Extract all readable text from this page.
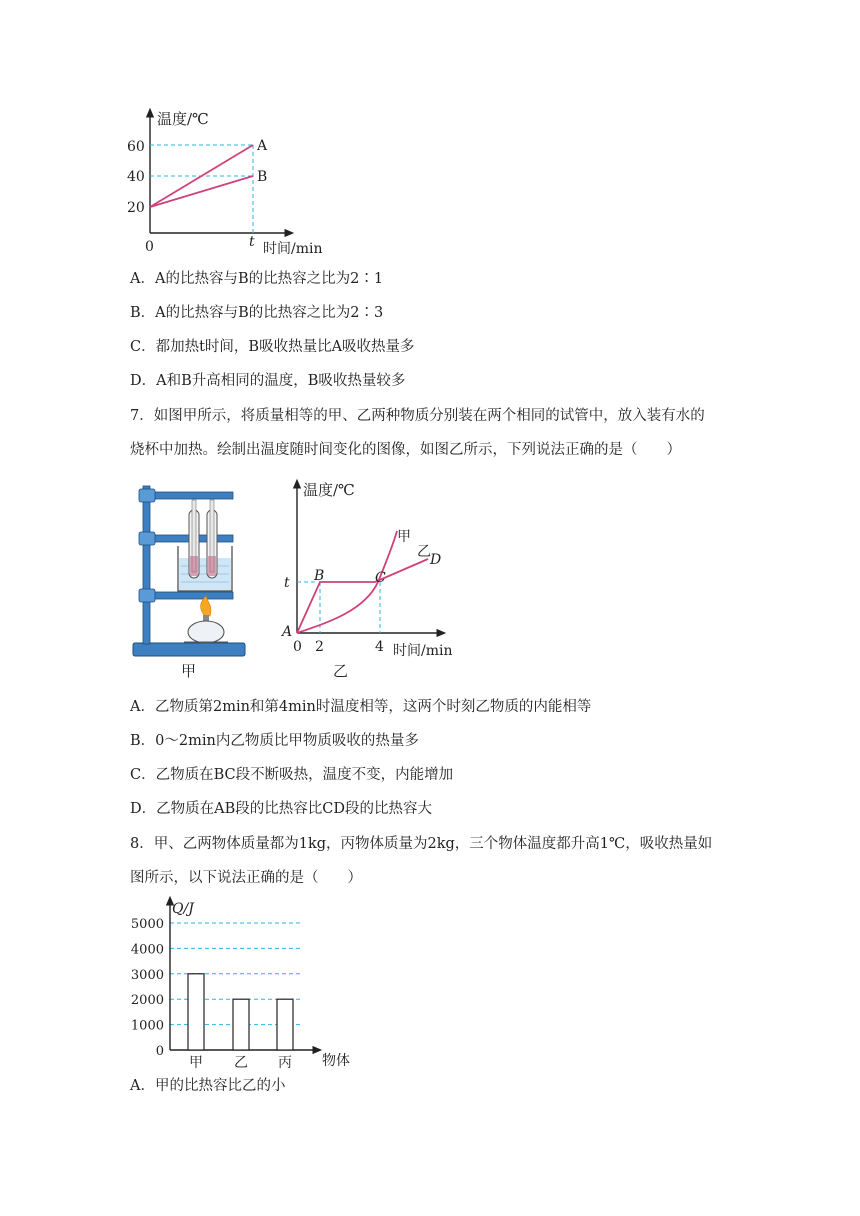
温度/℃
时间/min
0	t
20
40
60	A
B
A．A的比热容与B的比热容之比为2∶1
B．A的比热容与B的比热容之比为2∶3
C．都加热t时间，B吸收热量比A吸收热量多
D．A和B升高相同的温度，B吸收热量较多
7．如图甲所示，将质量相等的甲、乙两种物质分别装在两个相同的试管中，放入装有水的
烧杯中加热。绘制出温度随时间变化的图像，如图乙所示，下列说法正确的是（　　）
甲
温度/℃
时间/min
0 2	4
t
A
B	C
D
甲
乙
乙
A．乙物质第2min和第4min时温度相等，这两个时刻乙物质的内能相等
B．0～2min内乙物质比甲物质吸收的热量多
C．乙物质在BC段不断吸热，温度不变，内能增加
D．乙物质在AB段的比热容比CD段的比热容大
8．甲、乙两物体质量都为1kg，丙物体质量为2kg，三个物体温度都升高1℃，吸收热量如
图所示，以下说法正确的是（　　）
Q/J
物体
0
1000
2000
3000
4000
5000
甲 乙 丙
A．甲的比热容比乙的小
